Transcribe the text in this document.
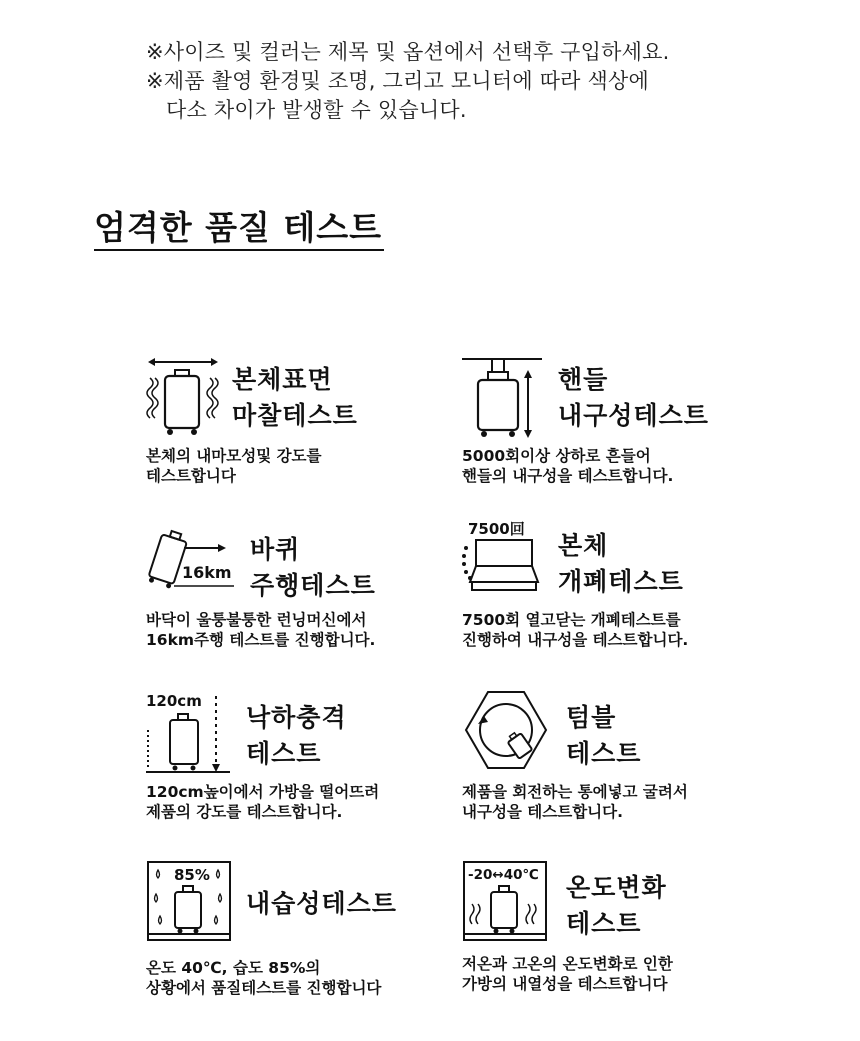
※사이즈 및 컬러는 제목 및 옵션에서 선택후 구입하세요.
※제품 촬영 환경및 조명, 그리고 모니터에 따라 색상에
다소 차이가 발생할 수 있습니다.
엄격한 품질 테스트
본체표면
마찰테스트
본체의 내마모성및 강도를
테스트합니다
핸들
내구성테스트
5000회이상 상하로 흔들어
핸들의 내구성을 테스트합니다.
16km
바퀴
주행테스트
바닥이 울퉁불퉁한 런닝머신에서
16km주행 테스트를 진행합니다.
7500回
본체
개폐테스트
7500회 열고닫는 개폐테스트를
진행하여 내구성을 테스트합니다.
120cm
낙하충격
테스트
120cm높이에서 가방을 떨어뜨려
제품의 강도를 테스트합니다.
텀블
테스트
제품을 회전하는 통에넣고 굴려서
내구성을 테스트합니다.
85%
내습성테스트
온도 40℃, 습도 85%의
상황에서 품질테스트를 진행합니다
-20↔40℃ 온도변화
테스트
저온과 고온의 온도변화로 인한
가방의 내열성을 테스트합니다
